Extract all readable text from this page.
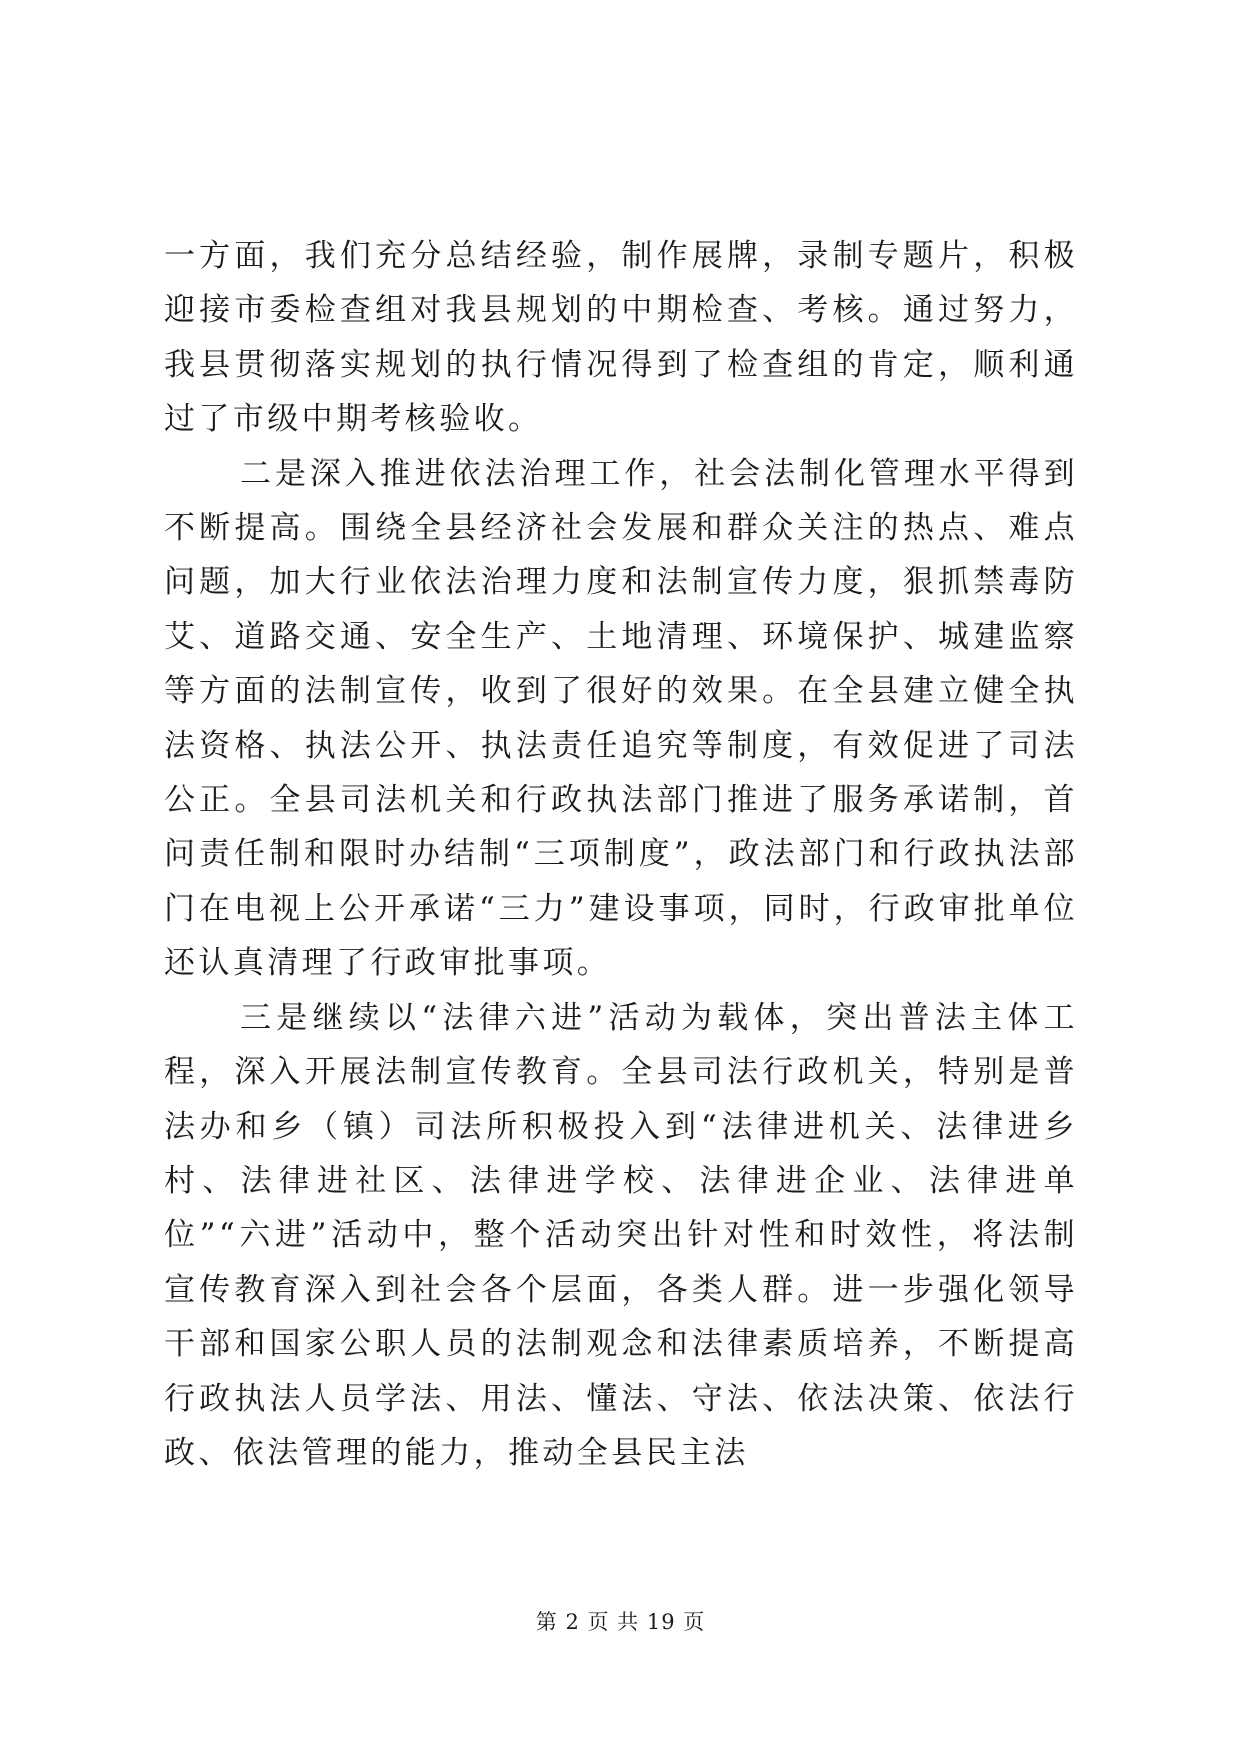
一方面，我们充分总结经验，制作展牌，录制专题片，积极迎接市委检查组对我县规划的中期检查、考核。通过努力，我县贯彻落实规划的执行情况得到了检查组的肯定，顺利通过了市级中期考核验收。

二是深入推进依法治理工作，社会法制化管理水平得到不断提高。围绕全县经济社会发展和群众关注的热点、难点问题，加大行业依法治理力度和法制宣传力度，狠抓禁毒防艾、道路交通、安全生产、土地清理、环境保护、城建监察等方面的法制宣传，收到了很好的效果。在全县建立健全执法资格、执法公开、执法责任追究等制度，有效促进了司法公正。全县司法机关和行政执法部门推进了服务承诺制，首问责任制和限时办结制“三项制度”，政法部门和行政执法部门在电视上公开承诺“三力”建设事项，同时，行政审批单位还认真清理了行政审批事项。

三是继续以“法律六进”活动为载体，突出普法主体工程，深入开展法制宣传教育。全县司法行政机关，特别是普法办和乡（镇）司法所积极投入到“法律进机关、法律进乡村、法律进社区、法律进学校、法律进企业、法律进单位”“六进”活动中，整个活动突出针对性和时效性，将法制宣传教育深入到社会各个层面，各类人群。进一步强化领导干部和国家公职人员的法制观念和法律素质培养，不断提高行政执法人员学法、用法、懂法、守法、依法决策、依法行政、依法管理的能力，推动全县民主法

第 2 页 共 19 页
